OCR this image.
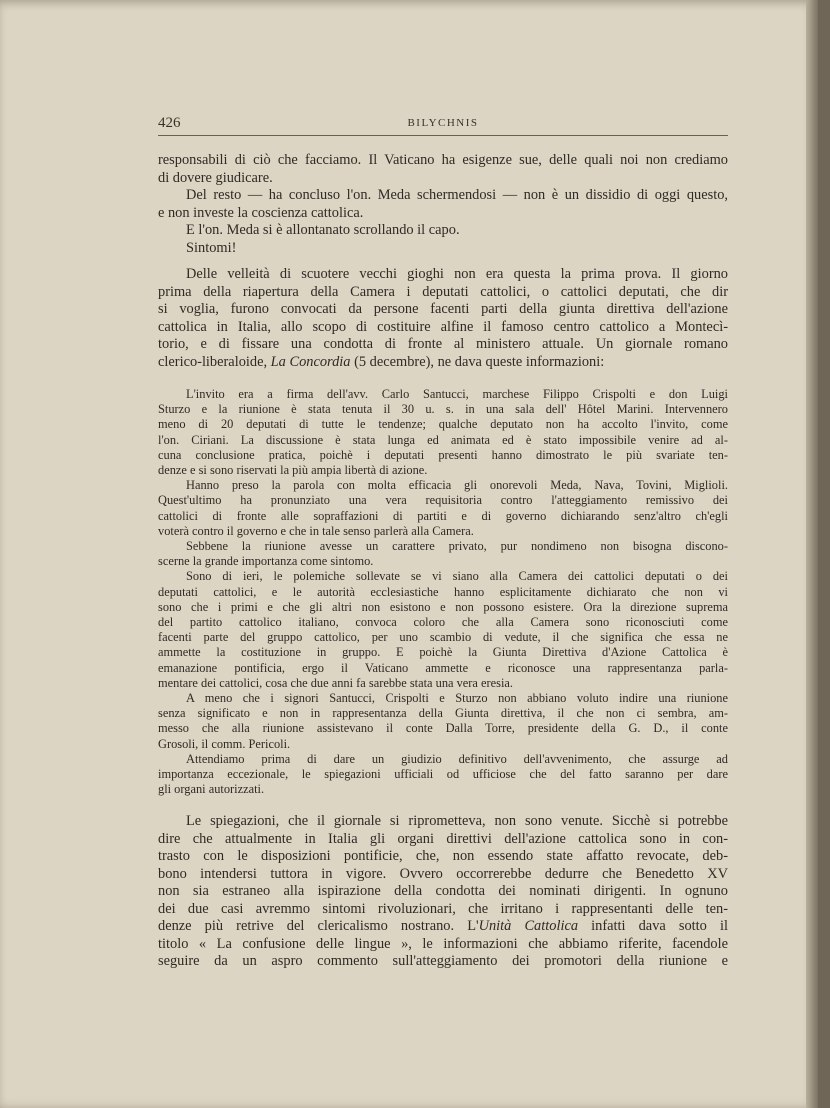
426	BILYCHNIS
responsabili di ciò che facciamo. Il Vaticano ha esigenze sue, delle quali noi non crediamo
di dovere giudicare.
Del resto — ha concluso l'on. Meda schermendosi — non è un dissidio di oggi questo,
e non investe la coscienza cattolica.
E l'on. Meda si è allontanato scrollando il capo.
Sintomi!
Delle velleità di scuotere vecchi gioghi non era questa la prima prova. Il giorno
prima della riapertura della Camera i deputati cattolici, o cattolici deputati, che dir
si voglia, furono convocati da persone facenti parti della giunta direttiva dell'azione
cattolica in Italia, allo scopo di costituire alfine il famoso centro cattolico a Montecì-
torio, e di fissare una condotta di fronte al ministero attuale. Un giornale romano
clerico-liberaloide, La Concordia (5 decembre), ne dava queste informazioni:
L'invito era a firma dell'avv. Carlo Santucci, marchese Filippo Crispolti e don Luigi
Sturzo e la riunione è stata tenuta il 30 u. s. in una sala dell' Hôtel Marini. Intervennero
meno di 20 deputati di tutte le tendenze; qualche deputato non ha accolto l'invito, come
l'on. Ciriani. La discussione è stata lunga ed animata ed è stato impossibile venire ad al-
cuna conclusione pratica, poichè i deputati presenti hanno dimostrato le più svariate ten-
denze e si sono riservati la più ampia libertà di azione.
Hanno preso la parola con molta efficacia gli onorevoli Meda, Nava, Tovini, Miglioli.
Quest'ultimo ha pronunziato una vera requisitoria contro l'atteggiamento remissivo dei
cattolici di fronte alle sopraffazioni di partiti e di governo dichiarando senz'altro ch'egli
voterà contro il governo e che in tale senso parlerà alla Camera.
Sebbene la riunione avesse un carattere privato, pur nondimeno non bisogna discono-
scerne la grande importanza come sintomo.
Sono di ieri, le polemiche sollevate se vi siano alla Camera dei cattolici deputati o dei
deputati cattolici, e le autorità ecclesiastiche hanno esplicitamente dichiarato che non vi
sono che i primi e che gli altri non esistono e non possono esistere. Ora la direzione suprema
del partito cattolico italiano, convoca coloro che alla Camera sono riconosciuti come
facenti parte del gruppo cattolico, per uno scambio di vedute, il che significa che essa ne
ammette la costituzione in gruppo. E poichè la Giunta Direttiva d'Azione Cattolica è
emanazione pontificia, ergo il Vaticano ammette e riconosce una rappresentanza parla-
mentare dei cattolici, cosa che due anni fa sarebbe stata una vera eresia.
A meno che i signori Santucci, Crispolti e Sturzo non abbiano voluto indire una riunione
senza significato e non in rappresentanza della Giunta direttiva, il che non ci sembra, am-
messo che alla riunione assistevano il conte Dalla Torre, presidente della G. D., il conte
Grosoli, il comm. Pericoli.
Attendiamo prima di dare un giudizio definitivo dell'avvenimento, che assurge ad
importanza eccezionale, le spiegazioni ufficiali od ufficiose che del fatto saranno per dare
gli organi autorizzati.
Le spiegazioni, che il giornale si riprometteva, non sono venute. Sicchè si potrebbe
dire che attualmente in Italia gli organi direttivi dell'azione cattolica sono in con-
trasto con le disposizioni pontificie, che, non essendo state affatto revocate, deb-
bono intendersi tuttora in vigore. Ovvero occorrerebbe dedurre che Benedetto XV
non sia estraneo alla ispirazione della condotta dei nominati dirigenti. In ognuno
dei due casi avremmo sintomi rivoluzionari, che irritano i rappresentanti delle ten-
denze più retrive del clericalismo nostrano. L'Unità Cattolica infatti dava sotto il
titolo « La confusione delle lingue », le informazioni che abbiamo riferite, facendole
seguire da un aspro commento sull'atteggiamento dei promotori della riunione e
